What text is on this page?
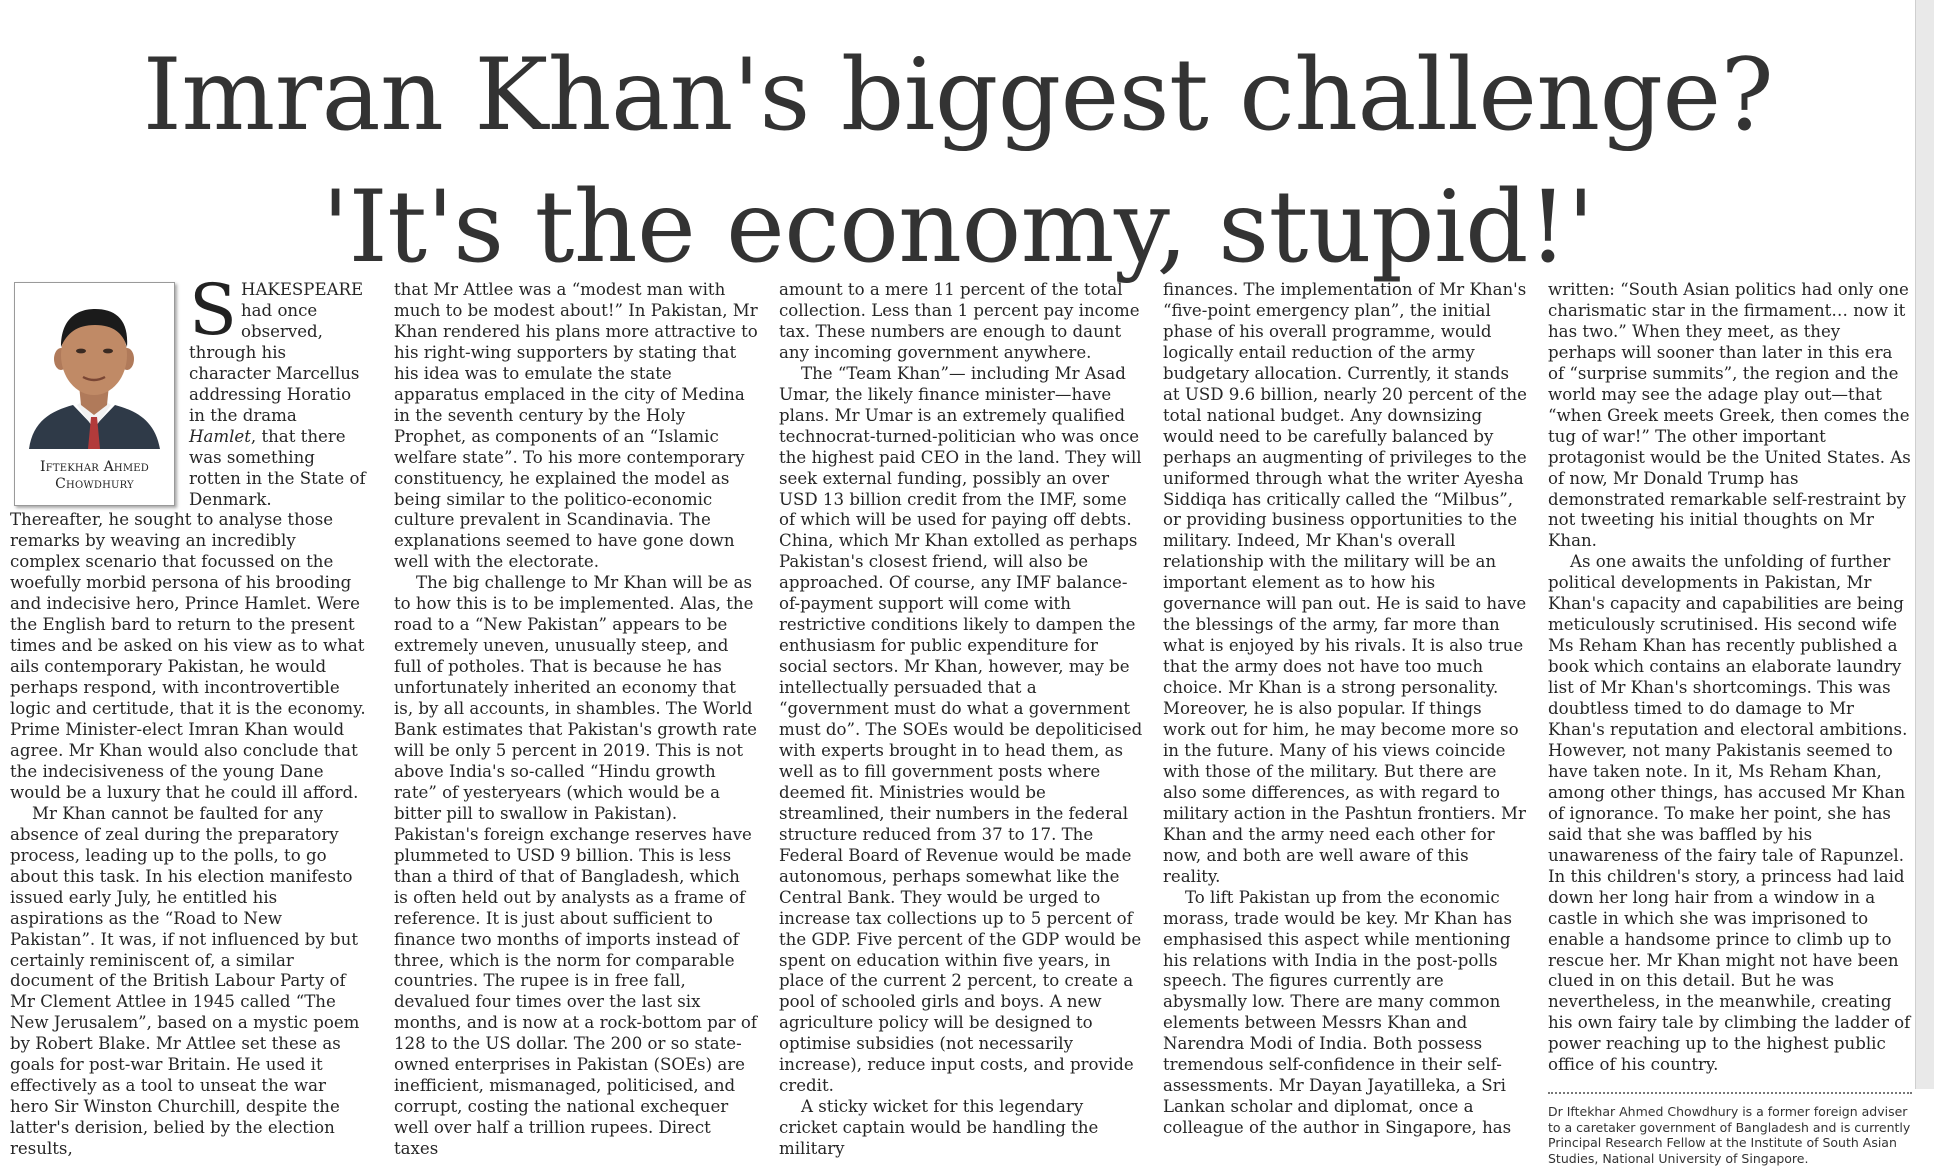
Imran Khan's biggest challenge?
'It's the economy, stupid!'
Iftekhar Ahmed
Chowdhury

SHAKESPEARE had once observed, through his character Marcellus addressing Horatio in the drama Hamlet, that there was something rotten in the State of Denmark. Thereafter, he sought to analyse those remarks by weaving an incredibly complex scenario that focussed on the woefully morbid persona of his brooding and indecisive hero, Prince Hamlet. Were the English bard to return to the present times and be asked on his view as to what ails contemporary Pakistan, he would perhaps respond, with incontrovertible logic and certitude, that it is the economy. Prime Minister-elect Imran Khan would agree. Mr Khan would also conclude that the indecisiveness of the young Dane would be a luxury that he could ill afford.

Mr Khan cannot be faulted for any absence of zeal during the preparatory process, leading up to the polls, to go about this task. In his election manifesto issued early July, he entitled his aspirations as the “Road to New Pakistan”. It was, if not influenced by but certainly reminiscent of, a similar document of the British Labour Party of Mr Clement Attlee in 1945 called “The New Jerusalem”, based on a mystic poem by Robert Blake. Mr Attlee set these as goals for post-war Britain. He used it effectively as a tool to unseat the war hero Sir Winston Churchill, despite the latter's derision, belied by the election results,

that Mr Attlee was a “modest man with much to be modest about!” In Pakistan, Mr Khan rendered his plans more attractive to his right-wing supporters by stating that his idea was to emulate the state apparatus emplaced in the city of Medina in the seventh century by the Holy Prophet, as components of an “Islamic welfare state”. To his more contemporary constituency, he explained the model as being similar to the politico-economic culture prevalent in Scandinavia. The explanations seemed to have gone down well with the electorate.

The big challenge to Mr Khan will be as to how this is to be implemented. Alas, the road to a “New Pakistan” appears to be extremely uneven, unusually steep, and full of potholes. That is because he has unfortunately inherited an economy that is, by all accounts, in shambles. The World Bank estimates that Pakistan's growth rate will be only 5 percent in 2019. This is not above India's so-called “Hindu growth rate” of yesteryears (which would be a bitter pill to swallow in Pakistan). Pakistan's foreign exchange reserves have plummeted to USD 9 billion. This is less than a third of that of Bangladesh, which is often held out by analysts as a frame of reference. It is just about sufficient to finance two months of imports instead of three, which is the norm for comparable countries. The rupee is in free fall, devalued four times over the last six months, and is now at a rock-bottom par of 128 to the US dollar. The 200 or so state-owned enterprises in Pakistan (SOEs) are inefficient, mismanaged, politicised, and corrupt, costing the national exchequer well over half a trillion rupees. Direct taxes

amount to a mere 11 percent of the total collection. Less than 1 percent pay income tax. These numbers are enough to daunt any incoming government anywhere.

The “Team Khan”— including Mr Asad Umar, the likely finance minister—have plans. Mr Umar is an extremely qualified technocrat-turned-politician who was once the highest paid CEO in the land. They will seek external funding, possibly an over USD 13 billion credit from the IMF, some of which will be used for paying off debts. China, which Mr Khan extolled as perhaps Pakistan's closest friend, will also be approached. Of course, any IMF balance-of-payment support will come with restrictive conditions likely to dampen the enthusiasm for public expenditure for social sectors. Mr Khan, however, may be intellectually persuaded that a “government must do what a government must do”. The SOEs would be depoliticised with experts brought in to head them, as well as to fill government posts where deemed fit. Ministries would be streamlined, their numbers in the federal structure reduced from 37 to 17. The Federal Board of Revenue would be made autonomous, perhaps somewhat like the Central Bank. They would be urged to increase tax collections up to 5 percent of the GDP. Five percent of the GDP would be spent on education within five years, in place of the current 2 percent, to create a pool of schooled girls and boys. A new agriculture policy will be designed to optimise subsidies (not necessarily increase), reduce input costs, and provide credit.

A sticky wicket for this legendary cricket captain would be handling the military

finances. The implementation of Mr Khan's “five-point emergency plan”, the initial phase of his overall programme, would logically entail reduction of the army budgetary allocation. Currently, it stands at USD 9.6 billion, nearly 20 percent of the total national budget. Any downsizing would need to be carefully balanced by perhaps an augmenting of privileges to the uniformed through what the writer Ayesha Siddiqa has critically called the “Milbus”, or providing business opportunities to the military. Indeed, Mr Khan's overall relationship with the military will be an important element as to how his governance will pan out. He is said to have the blessings of the army, far more than what is enjoyed by his rivals. It is also true that the army does not have too much choice. Mr Khan is a strong personality. Moreover, he is also popular. If things work out for him, he may become more so in the future. Many of his views coincide with those of the military. But there are also some differences, as with regard to military action in the Pashtun frontiers. Mr Khan and the army need each other for now, and both are well aware of this reality.

To lift Pakistan up from the economic morass, trade would be key. Mr Khan has emphasised this aspect while mentioning his relations with India in the post-polls speech. The figures currently are abysmally low. There are many common elements between Messrs Khan and Narendra Modi of India. Both possess tremendous self-confidence in their self-assessments. Mr Dayan Jayatilleka, a Sri Lankan scholar and diplomat, once a colleague of the author in Singapore, has

written: “South Asian politics had only one charismatic star in the firmament… now it has two.” When they meet, as they perhaps will sooner than later in this era of “surprise summits”, the region and the world may see the adage play out—that “when Greek meets Greek, then comes the tug of war!” The other important protagonist would be the United States. As of now, Mr Donald Trump has demonstrated remarkable self-restraint by not tweeting his initial thoughts on Mr Khan.

As one awaits the unfolding of further political developments in Pakistan, Mr Khan's capacity and capabilities are being meticulously scrutinised. His second wife Ms Reham Khan has recently published a book which contains an elaborate laundry list of Mr Khan's shortcomings. This was doubtless timed to do damage to Mr Khan's reputation and electoral ambitions. However, not many Pakistanis seemed to have taken note. In it, Ms Reham Khan, among other things, has accused Mr Khan of ignorance. To make her point, she has said that she was baffled by his unawareness of the fairy tale of Rapunzel. In this children's story, a princess had laid down her long hair from a window in a castle in which she was imprisoned to enable a handsome prince to climb up to rescue her. Mr Khan might not have been clued in on this detail. But he was nevertheless, in the meanwhile, creating his own fairy tale by climbing the ladder of power reaching up to the highest public office of his country.

Dr Iftekhar Ahmed Chowdhury is a former foreign adviser to a caretaker government of Bangladesh and is currently Principal Research Fellow at the Institute of South Asian Studies, National University of Singapore.
